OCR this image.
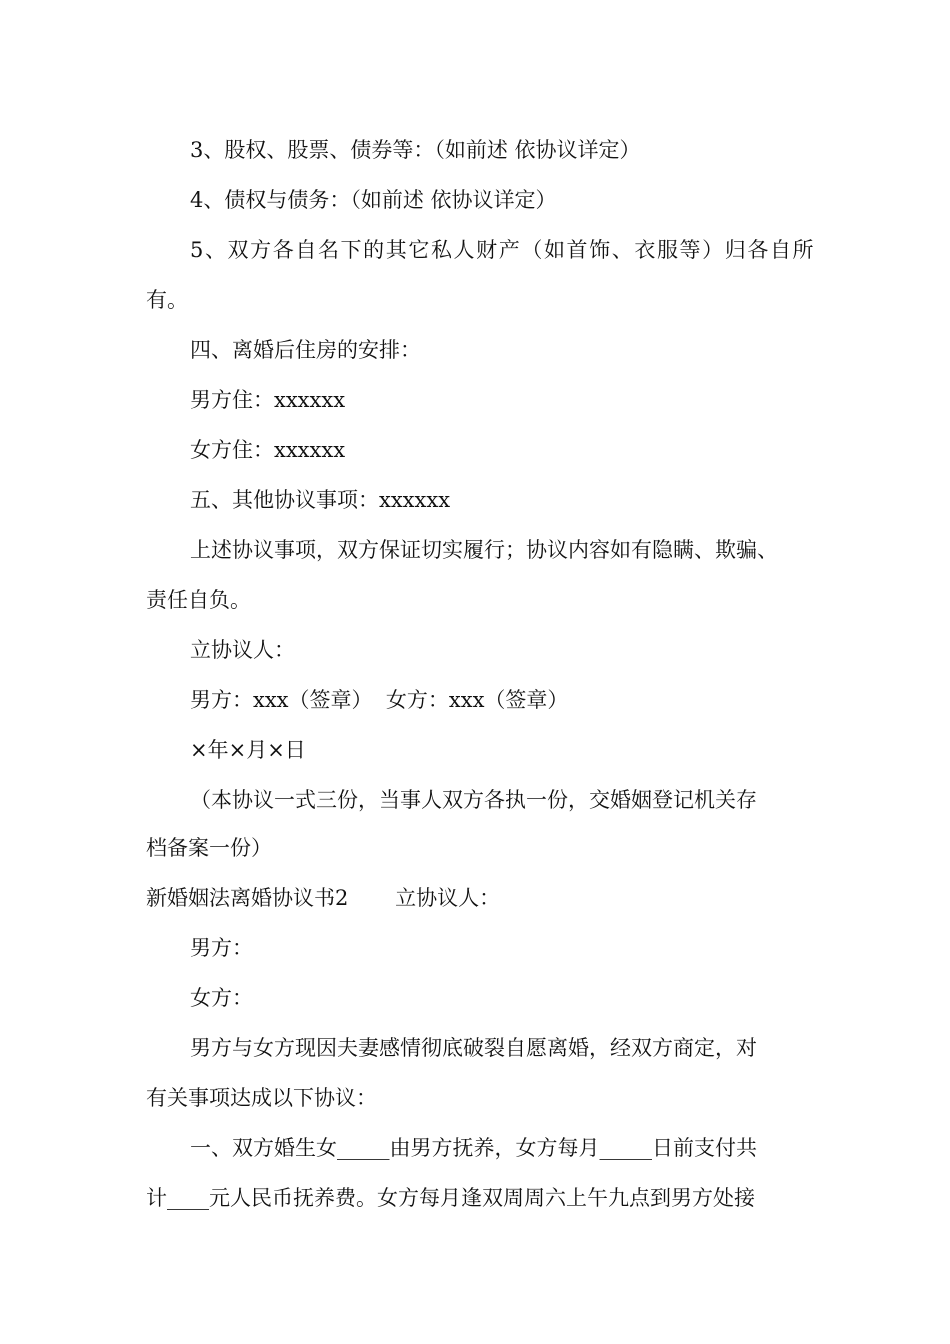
3、股权、股票、债券等：（如前述 依协议详定）
4、债权与债务：（如前述 依协议详定）
5、双方各自名下的其它私人财产（如首饰、衣服等）归各自所
有。
四、离婚后住房的安排：
男方住：xxxxxx
女方住：xxxxxx
五、其他协议事项：xxxxxx
上述协议事项，双方保证切实履行；协议内容如有隐瞒、欺骗、
责任自负。
立协议人：
男方：xxx（签章）  女方：xxx（签章）
×年×月×日
（本协议一式三份，当事人双方各执一份，交婚姻登记机关存
档备案一份）
新婚姻法离婚协议书2       立协议人：
男方：
女方：
男方与女方现因夫妻感情彻底破裂自愿离婚，经双方商定，对
有关事项达成以下协议：
一、双方婚生女_____由男方抚养，女方每月_____日前支付共
计____元人民币抚养费。女方每月逢双周周六上午九点到男方处接
